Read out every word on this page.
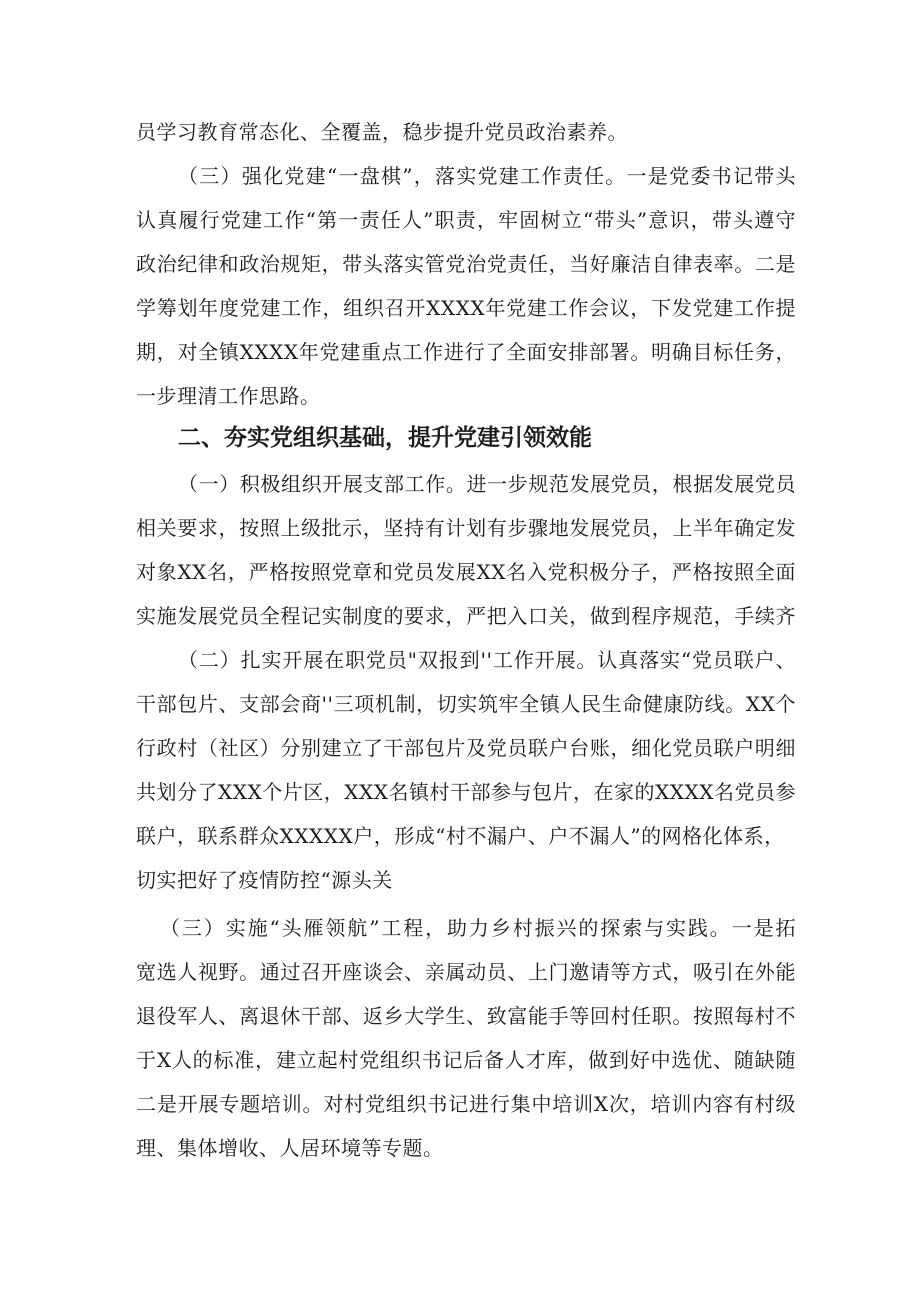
员学习教育常态化、全覆盖，稳步提升党员政治素养。
（三）强化党建“一盘棋”，落实党建工作责任。一是党委书记带头
认真履行党建工作“第一责任人”职责，牢固树立“带头”意识，带头遵守
政治纪律和政治规矩，带头落实管党治党责任，当好廉洁自律表率。二是
学筹划年度党建工作，组织召开XXXX年党建工作会议，下发党建工作提
期，对全镇XXXX年党建重点工作进行了全面安排部署。明确目标任务，
一步理清工作思路。
二、夯实党组织基础，提升党建引领效能
（一）积极组织开展支部工作。进一步规范发展党员，根据发展党员
相关要求，按照上级批示，坚持有计划有步骤地发展党员，上半年确定发
对象XX名，严格按照党章和党员发展XX名入党积极分子，严格按照全面
实施发展党员全程记实制度的要求，严把入口关，做到程序规范，手续齐
（二）扎实开展在职党员"双报到''工作开展。认真落实“党员联户、
干部包片、支部会商''三项机制，切实筑牢全镇人民生命健康防线。XX个
行政村（社区）分别建立了干部包片及党员联户台账，细化党员联户明细
共划分了XXX个片区，XXX名镇村干部参与包片，在家的XXXX名党员参
联户，联系群众XXXXX户，形成“村不漏户、户不漏人”的网格化体系，
切实把好了疫情防控“源头关
（三）实施“头雁领航”工程，助力乡村振兴的探索与实践。一是拓
宽选人视野。通过召开座谈会、亲属动员、上门邀请等方式，吸引在外能
退役军人、离退休干部、返乡大学生、致富能手等回村任职。按照每村不
于X人的标准，建立起村党组织书记后备人才库，做到好中选优、随缺随
二是开展专题培训。对村党组织书记进行集中培训X次，培训内容有村级
理、集体增收、人居环境等专题。
